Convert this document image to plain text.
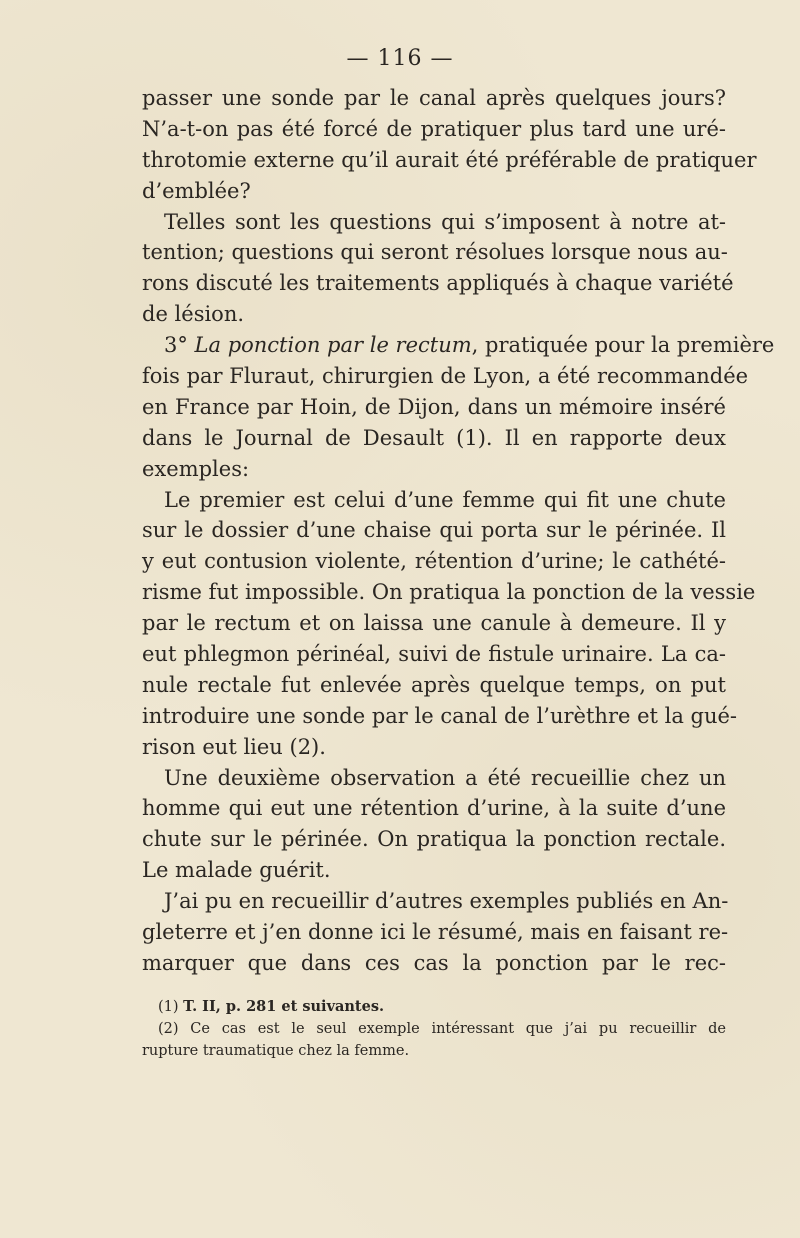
— 116 —
passer une sonde par le canal après quelques jours?
N’a-t-on pas été forcé de pratiquer plus tard une uré-
throtomie externe qu’il aurait été préférable de pratiquer
d’emblée?
Telles sont les questions qui s’imposent à notre at-
tention; questions qui seront résolues lorsque nous au-
rons discuté les traitements appliqués à chaque variété
de lésion.
3° La ponction par le rectum, pratiquée pour la première
fois par Fluraut, chirurgien de Lyon, a été recommandée
en France par Hoin, de Dijon, dans un mémoire inséré
dans le Journal de Desault (1). Il en rapporte deux
exemples:
Le premier est celui d’une femme qui fit une chute
sur le dossier d’une chaise qui porta sur le périnée. Il
y eut contusion violente, rétention d’urine; le cathété-
risme fut impossible. On pratiqua la ponction de la vessie
par le rectum et on laissa une canule à demeure. Il y
eut phlegmon périnéal, suivi de fistule urinaire. La ca-
nule rectale fut enlevée après quelque temps, on put
introduire une sonde par le canal de l’urèthre et la gué-
rison eut lieu (2).
Une deuxième observation a été recueillie chez un
homme qui eut une rétention d’urine, à la suite d’une
chute sur le périnée. On pratiqua la ponction rectale.
Le malade guérit.
J’ai pu en recueillir d’autres exemples publiés en An-
gleterre et j’en donne ici le résumé, mais en faisant re-
marquer que dans ces cas la ponction par le rec-
(1) T. II, p. 281 et suivantes.
(2) Ce cas est le seul exemple intéressant que j’ai pu recueillir de
rupture traumatique chez la femme.
